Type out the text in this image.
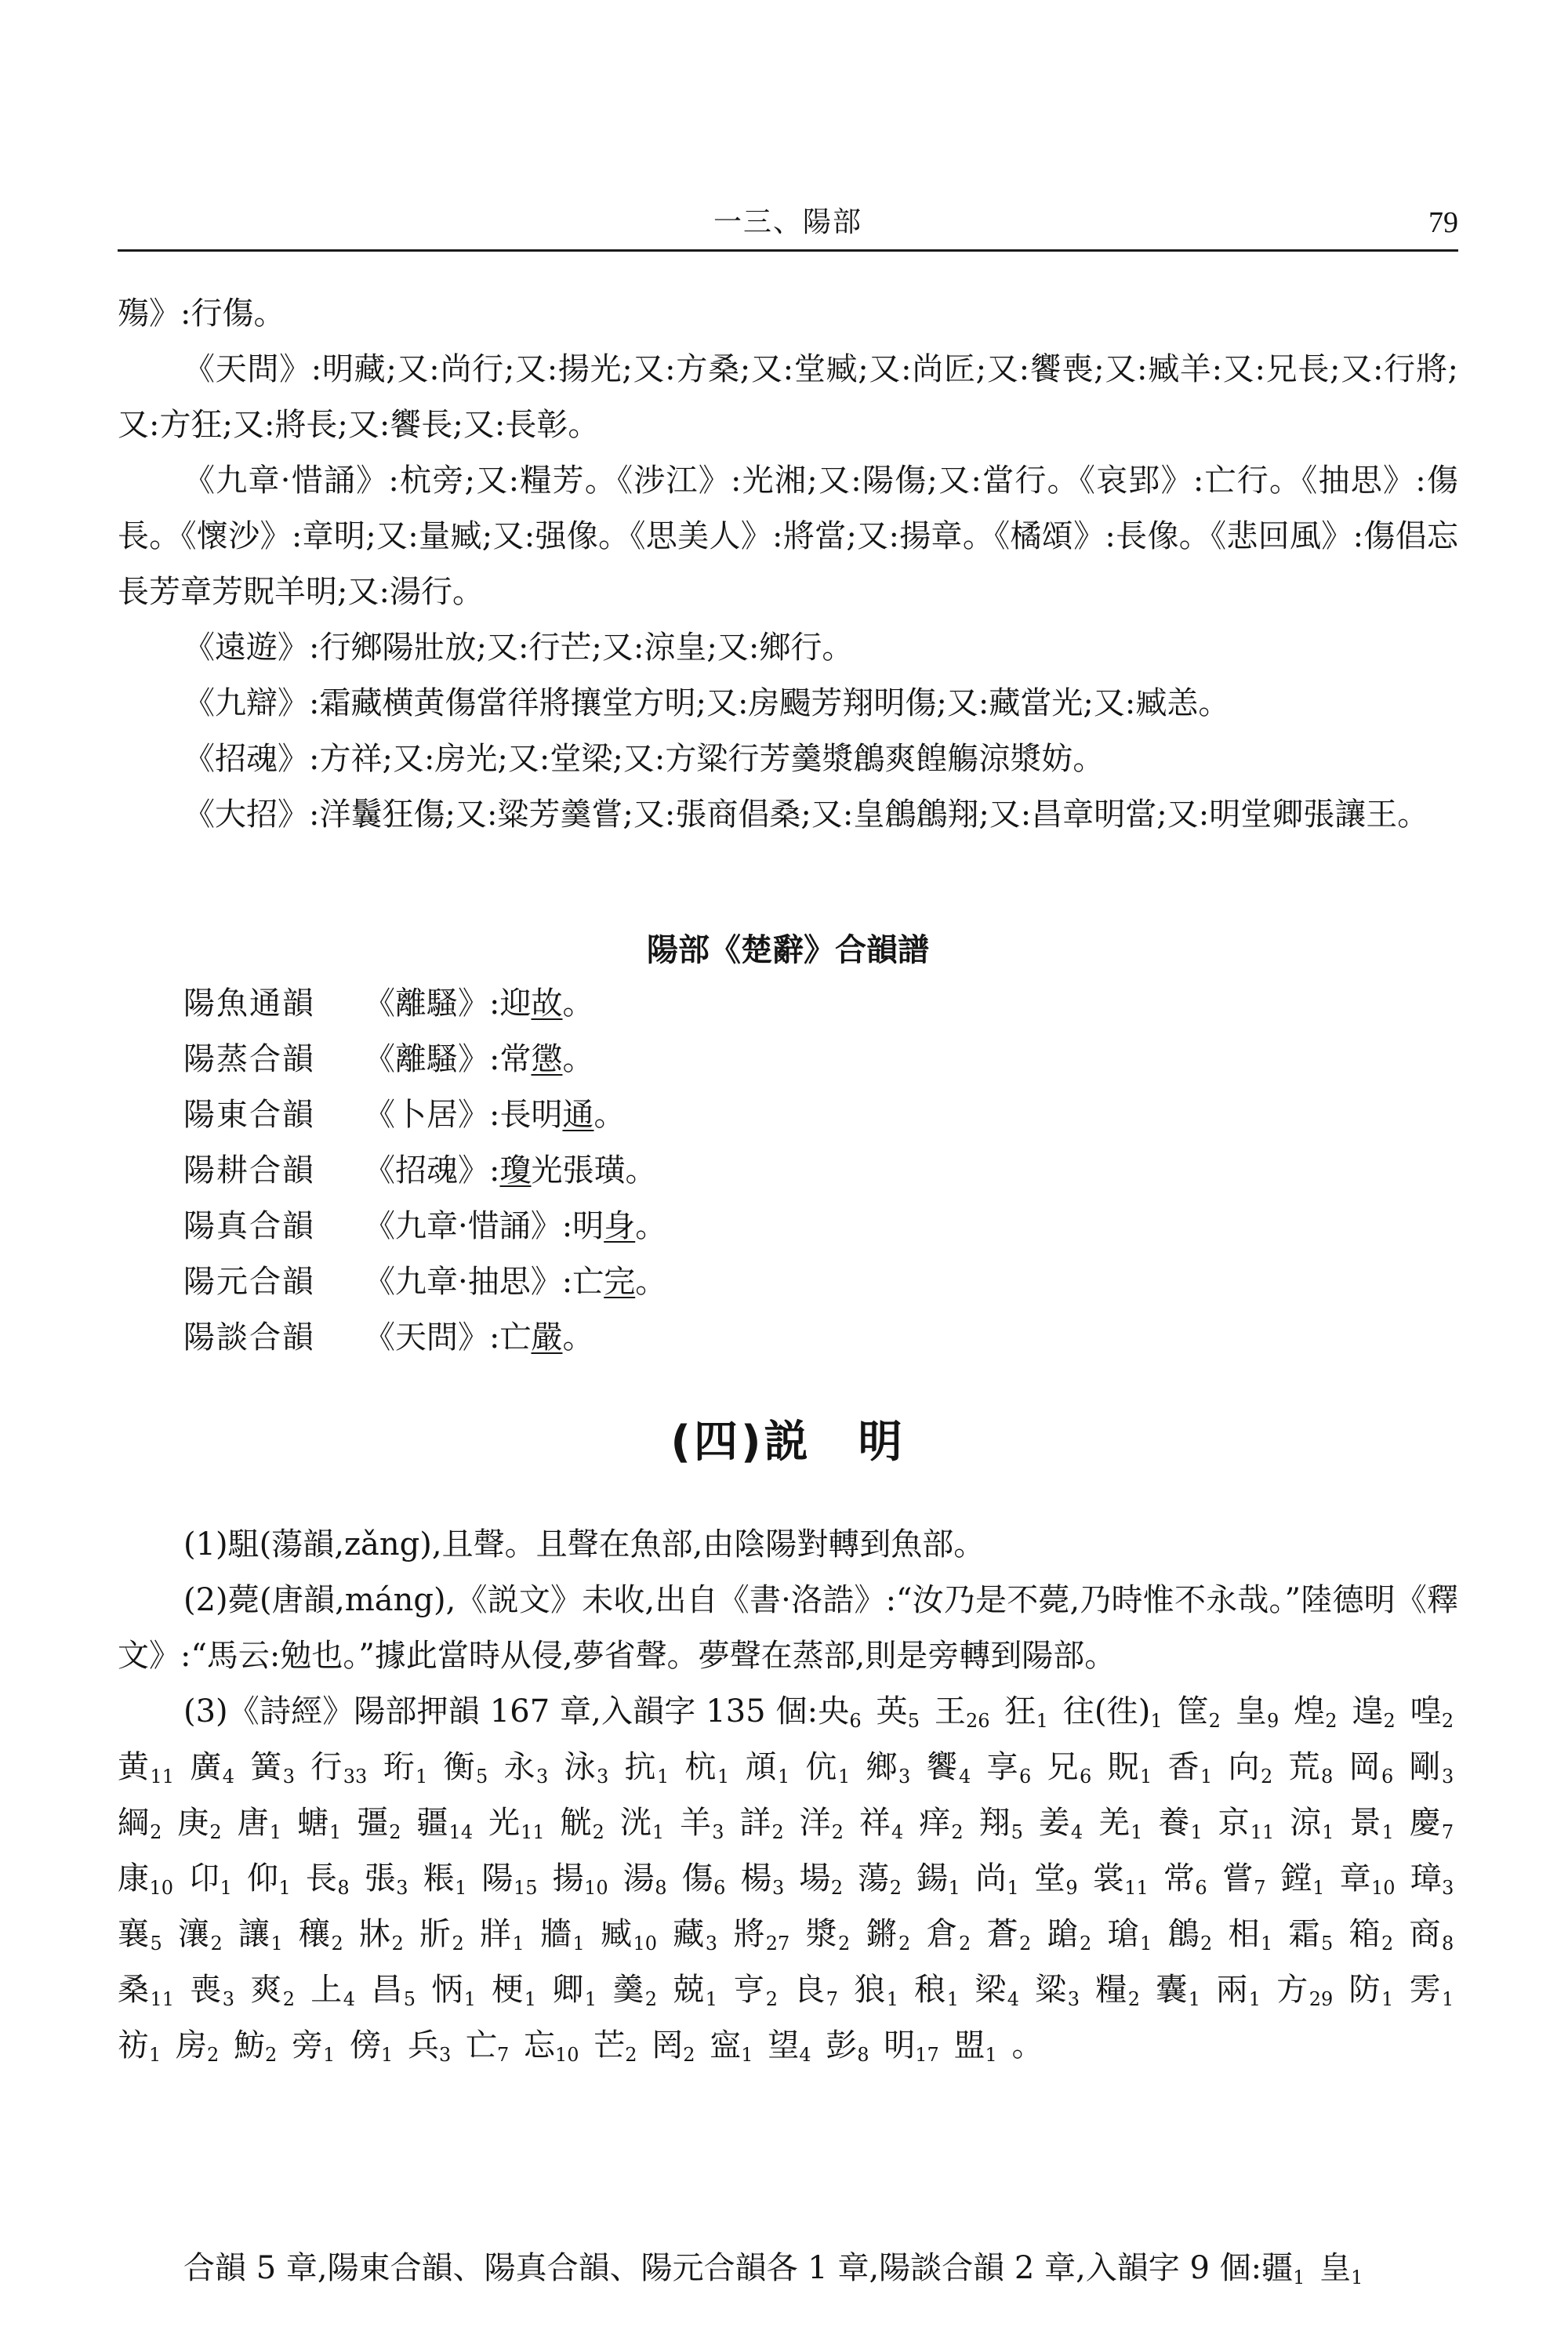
一三、陽部	79

殤》:行傷。

《天問》:明藏;又:尚行;又:揚光;又:方桑;又:堂臧;又:尚匠;又:饗喪;又:臧羊:又:兄長;又:行將;又:方狂;又:將長;又:饗長;又:長彰。

《九章·惜誦》:杭旁;又:糧芳。《涉江》:光湘;又:陽傷;又:當行。《哀郢》:亡行。《抽思》:傷長。《懷沙》:章明;又:量臧;又:强像。《思美人》:將當;又:揚章。《橘頌》:長像。《悲回風》:傷倡忘長芳章芳貺羊明;又:湯行。

《遠遊》:行鄉陽壯放;又:行芒;又:涼皇;又:鄉行。

《九辯》:霜藏横黄傷當徉將攘堂方明;又:房颺芳翔明傷;又:藏當光;又:臧恙。

《招魂》:方祥;又:房光;又:堂梁;又:方粱行芳羹漿鶬爽餭觴涼漿妨。

《大招》:洋鬤狂傷;又:粱芳羹嘗;又:張商倡桑;又:皇鶬鶬翔;又:昌章明當;又:明堂卿張讓王。

陽部《楚辭》合韻譜
陽魚通韻 《離騷》:迎故。
陽蒸合韻 《離騷》:常懲。
陽東合韻 《卜居》:長明通。
陽耕合韻 《招魂》:瓊光張璜。
陽真合韻 《九章·惜誦》:明身。
陽元合韻 《九章·抽思》:亡完。
陽談合韻 《天問》:亡嚴。
(四)説　明

(1)駔(蕩韻,zǎng),且聲。且聲在魚部,由陰陽對轉到魚部。

(2)薨(唐韻,máng),《説文》未收,出自《書·洛誥》:“汝乃是不薨,乃時惟不永哉。”陸德明《釋文》:“馬云:勉也。”據此當時从侵,夢省聲。夢聲在蒸部,則是旁轉到陽部。

(3)《詩經》陽部押韻 167 章,入韻字 135 個:央$_6$ 英$_5$ 王$_{26}$ 狂$_1$ 往(徃)$_1$ 筐$_2$ 皇$_9$ 煌$_2$ 遑$_2$ 喤$_2$ 黄$_{11}$ 廣$_4$ 簧$_3$ 行$_{33}$ 珩$_1$ 衡$_5$ 永$_3$ 泳$_3$ 抗$_1$ 杭$_1$ 頏$_1$ 伉$_1$ 鄉$_3$ 饗$_4$ 享$_6$ 兄$_6$ 貺$_1$ 香$_1$ 向$_2$ 荒$_8$ 岡$_6$ 剛$_3$ 綱$_2$ 庚$_2$ 唐$_1$ 螗$_1$ 彊$_2$ 疆$_{14}$ 光$_{11}$ 觥$_2$ 洸$_1$ 羊$_3$ 詳$_2$ 洋$_2$ 祥$_4$ 痒$_2$ 翔$_5$ 姜$_4$ 羌$_1$ 養$_1$ 京$_{11}$ 涼$_1$ 景$_1$ 慶$_7$ 康$_{10}$ 卬$_1$ 仰$_1$ 長$_8$ 張$_3$ 粻$_1$ 陽$_{15}$ 揚$_{10}$ 湯$_8$ 傷$_6$ 楊$_3$ 場$_2$ 蕩$_2$ 鍚$_1$ 尚$_1$ 堂$_9$ 裳$_{11}$ 常$_6$ 嘗$_7$ 鏜$_1$ 章$_{10}$ 璋$_3$ 襄$_5$ 瀼$_2$ 讓$_1$ 穰$_2$ 牀$_2$ 斨$_2$ 牂$_1$ 牆$_1$ 臧$_{10}$ 藏$_3$ 將$_{27}$ 漿$_2$ 鏘$_2$ 倉$_2$ 蒼$_2$ 蹌$_2$ 瑲$_1$ 鶬$_2$ 相$_1$ 霜$_5$ 箱$_2$ 商$_8$ 桑$_{11}$ 喪$_3$ 爽$_2$ 上$_4$ 昌$_5$ 怲$_1$ 梗$_1$ 卿$_1$ 羹$_2$ 兢$_1$ 亨$_2$ 良$_7$ 狼$_1$ 稂$_1$ 梁$_4$ 粱$_3$ 糧$_2$ 囊$_1$ 兩$_1$ 方$_{29}$ 防$_1$ 雱$_1$ 祊$_1$ 房$_2$ 魴$_2$ 旁$_1$ 傍$_1$ 兵$_3$ 亡$_7$ 忘$_{10}$ 芒$_2$ 罔$_2$ 寍$_1$ 望$_4$ 彭$_8$ 明$_{17}$ 盟$_1$ 。

合韻 5 章,陽東合韻、陽真合韻、陽元合韻各 1 章,陽談合韻 2 章,入韻字 9 個:疆$_1$ 皇$_1$
